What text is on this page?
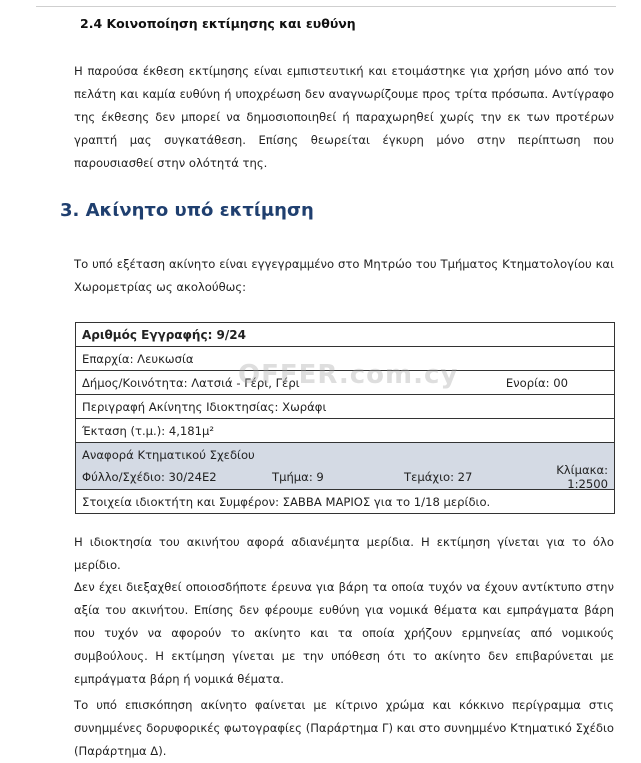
2.4 Κοινοποίηση εκτίμησης και ευθύνη
Η παρούσα έκθεση εκτίμησης είναι εμπιστευτική και ετοιμάστηκε για χρήση μόνο από τον πελάτη και καμία ευθύνη ή υποχρέωση δεν αναγνωρίζουμε προς τρίτα πρόσωπα. Αντίγραφο της έκθεσης δεν μπορεί να δημοσιοποιηθεί ή παραχωρηθεί χωρίς την εκ των προτέρων γραπτή μας συγκατάθεση. Επίσης θεωρείται έγκυρη μόνο στην περίπτωση που παρουσιασθεί στην ολότητά της.
3. Ακίνητο υπό εκτίμηση
Το υπό εξέταση ακίνητο είναι εγγεγραμμένο στο Μητρώο του Τμήματος Κτηματολογίου και Χωρομετρίας ως ακολούθως:
Αριθμός Εγγραφής: 9/24
Επαρχία: Λευκωσία

Δήμος/Κοινότητα: Λατσιά - Γέρι, Γέρι	Ενορία: 00

Περιγραφή Ακίνητης Ιδιοκτησίας: Χωράφι
Έκταση (τ.μ.): 4,181μ²

Αναφορά Κτηματικού Σχεδίου
Φύλλο/Σχέδιο: 30/24Ε2	Τμήμα: 9	Τεμάχιο: 27	Κλίμακα: 1:2500

Στοιχεία ιδιοκτήτη και Συμφέρον: ΣΑΒΒΑ ΜΑΡΙΟΣ για το 1/18 μερίδιο.
OFFER.com.cy
Η ιδιοκτησία του ακινήτου αφορά αδιανέμητα μερίδια. Η εκτίμηση γίνεται για το όλο μερίδιο.
Δεν έχει διεξαχθεί οποιοσδήποτε έρευνα για βάρη τα οποία τυχόν να έχουν αντίκτυπο στην αξία του ακινήτου. Επίσης δεν φέρουμε ευθύνη για νομικά θέματα και εμπράγματα βάρη που τυχόν να αφορούν το ακίνητο και τα οποία χρήζουν ερμηνείας από νομικούς συμβούλους. Η εκτίμηση γίνεται με την υπόθεση ότι το ακίνητο δεν επιβαρύνεται με εμπράγματα βάρη ή νομικά θέματα.
Το υπό επισκόπηση ακίνητο φαίνεται με κίτρινο χρώμα και κόκκινο περίγραμμα στις συνημμένες δορυφορικές φωτογραφίες (Παράρτημα Γ) και στο συνημμένο Κτηματικό Σχέδιο (Παράρτημα Δ).
